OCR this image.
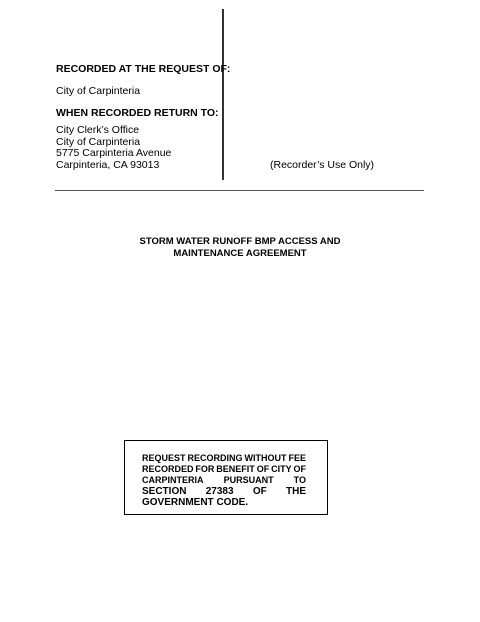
RECORDED AT THE REQUEST OF:
City of Carpinteria
WHEN RECORDED RETURN TO:
City Clerk’s Office
City of Carpinteria
5775 Carpinteria Avenue
Carpinteria, CA 93013	(Recorder’s Use Only)
STORM WATER RUNOFF BMP ACCESS AND
MAINTENANCE AGREEMENT
REQUEST RECORDING WITHOUT FEE
RECORDED FOR BENEFIT OF CITY OF
CARPINTERIA PURSUANT TO
SECTION 27383 OF THE
GOVERNMENT CODE.
